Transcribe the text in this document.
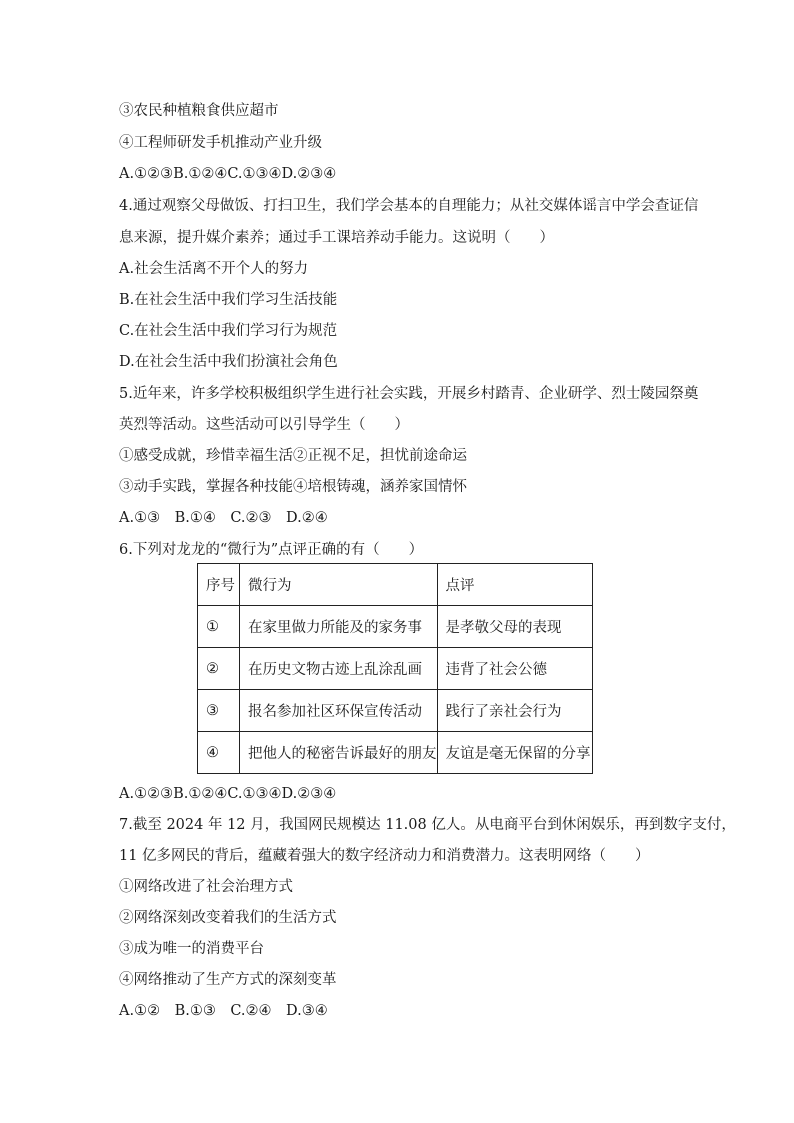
③农民种植粮食供应超市
④工程师研发手机推动产业升级
A.①②③B.①②④C.①③④D.②③④
4.通过观察父母做饭、打扫卫生，我们学会基本的自理能力；从社交媒体谣言中学会查证信
息来源，提升媒介素养；通过手工课培养动手能力。这说明（　　）
A.社会生活离不开个人的努力
B.在社会生活中我们学习生活技能
C.在社会生活中我们学习行为规范
D.在社会生活中我们扮演社会角色
5.近年来，许多学校积极组织学生进行社会实践，开展乡村踏青、企业研学、烈士陵园祭奠
英烈等活动。这些活动可以引导学生（　　）
①感受成就，珍惜幸福生活②正视不足，担忧前途命运
③动手实践，掌握各种技能④培根铸魂，涵养家国情怀
A.①③　B.①④　C.②③　D.②④
6.下列对龙龙的“微行为”点评正确的有（　　）
序号	微行为	点评
①	在家里做力所能及的家务事	是孝敬父母的表现
②	在历史文物古迹上乱涂乱画	违背了社会公德
③	报名参加社区环保宣传活动	践行了亲社会行为
④	把他人的秘密告诉最好的朋友	友谊是毫无保留的分享
A.①②③B.①②④C.①③④D.②③④
7.截至 2024 年 12 月，我国网民规模达 11.08 亿人。从电商平台到休闲娱乐，再到数字支付，
11 亿多网民的背后，蕴藏着强大的数字经济动力和消费潜力。这表明网络（　　）
①网络改进了社会治理方式
②网络深刻改变着我们的生活方式
③成为唯一的消费平台
④网络推动了生产方式的深刻变革
A.①②　B.①③　C.②④　D.③④
